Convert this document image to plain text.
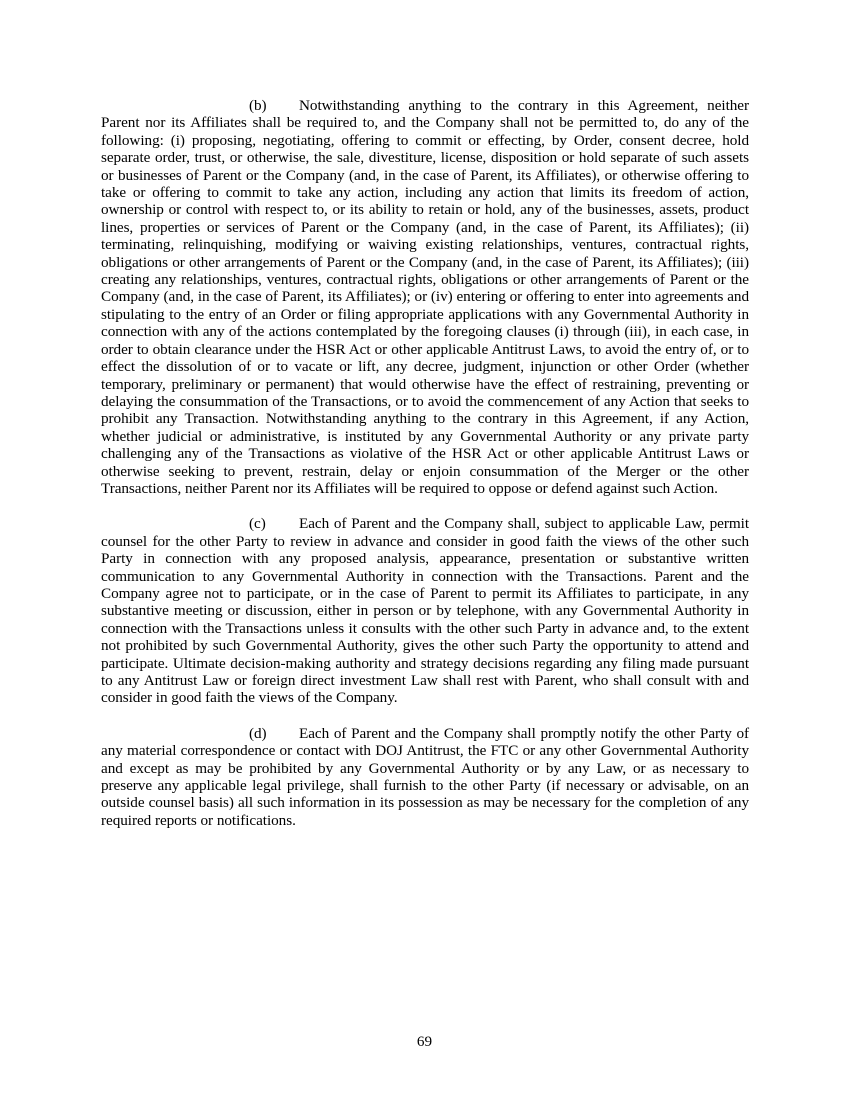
(b) Notwithstanding anything to the contrary in this Agreement, neither Parent nor its Affiliates shall be required to, and the Company shall not be permitted to, do any of the following: (i) proposing, negotiating, offering to commit or effecting, by Order, consent decree, hold separate order, trust, or otherwise, the sale, divestiture, license, disposition or hold separate of such assets or businesses of Parent or the Company (and, in the case of Parent, its Affiliates), or otherwise offering to take or offering to commit to take any action, including any action that limits its freedom of action, ownership or control with respect to, or its ability to retain or hold, any of the businesses, assets, product lines, properties or services of Parent or the Company (and, in the case of Parent, its Affiliates); (ii) terminating, relinquishing, modifying or waiving existing relationships, ventures, contractual rights, obligations or other arrangements of Parent or the Company (and, in the case of Parent, its Affiliates); (iii) creating any relationships, ventures, contractual rights, obligations or other arrangements of Parent or the Company (and, in the case of Parent, its Affiliates); or (iv) entering or offering to enter into agreements and stipulating to the entry of an Order or filing appropriate applications with any Governmental Authority in connection with any of the actions contemplated by the foregoing clauses (i) through (iii), in each case, in order to obtain clearance under the HSR Act or other applicable Antitrust Laws, to avoid the entry of, or to effect the dissolution of or to vacate or lift, any decree, judgment, injunction or other Order (whether temporary, preliminary or permanent) that would otherwise have the effect of restraining, preventing or delaying the consummation of the Transactions, or to avoid the commencement of any Action that seeks to prohibit any Transaction. Notwithstanding anything to the contrary in this Agreement, if any Action, whether judicial or administrative, is instituted by any Governmental Authority or any private party challenging any of the Transactions as violative of the HSR Act or other applicable Antitrust Laws or otherwise seeking to prevent, restrain, delay or enjoin consummation of the Merger or the other Transactions, neither Parent nor its Affiliates will be required to oppose or defend against such Action.

(c) Each of Parent and the Company shall, subject to applicable Law, permit counsel for the other Party to review in advance and consider in good faith the views of the other such Party in connection with any proposed analysis, appearance, presentation or substantive written communication to any Governmental Authority in connection with the Transactions. Parent and the Company agree not to participate, or in the case of Parent to permit its Affiliates to participate, in any substantive meeting or discussion, either in person or by telephone, with any Governmental Authority in connection with the Transactions unless it consults with the other such Party in advance and, to the extent not prohibited by such Governmental Authority, gives the other such Party the opportunity to attend and participate. Ultimate decision-making authority and strategy decisions regarding any filing made pursuant to any Antitrust Law or foreign direct investment Law shall rest with Parent, who shall consult with and consider in good faith the views of the Company.

(d) Each of Parent and the Company shall promptly notify the other Party of any material correspondence or contact with DOJ Antitrust, the FTC or any other Governmental Authority and except as may be prohibited by any Governmental Authority or by any Law, or as necessary to preserve any applicable legal privilege, shall furnish to the other Party (if necessary or advisable, on an outside counsel basis) all such information in its possession as may be necessary for the completion of any required reports or notifications.

69
